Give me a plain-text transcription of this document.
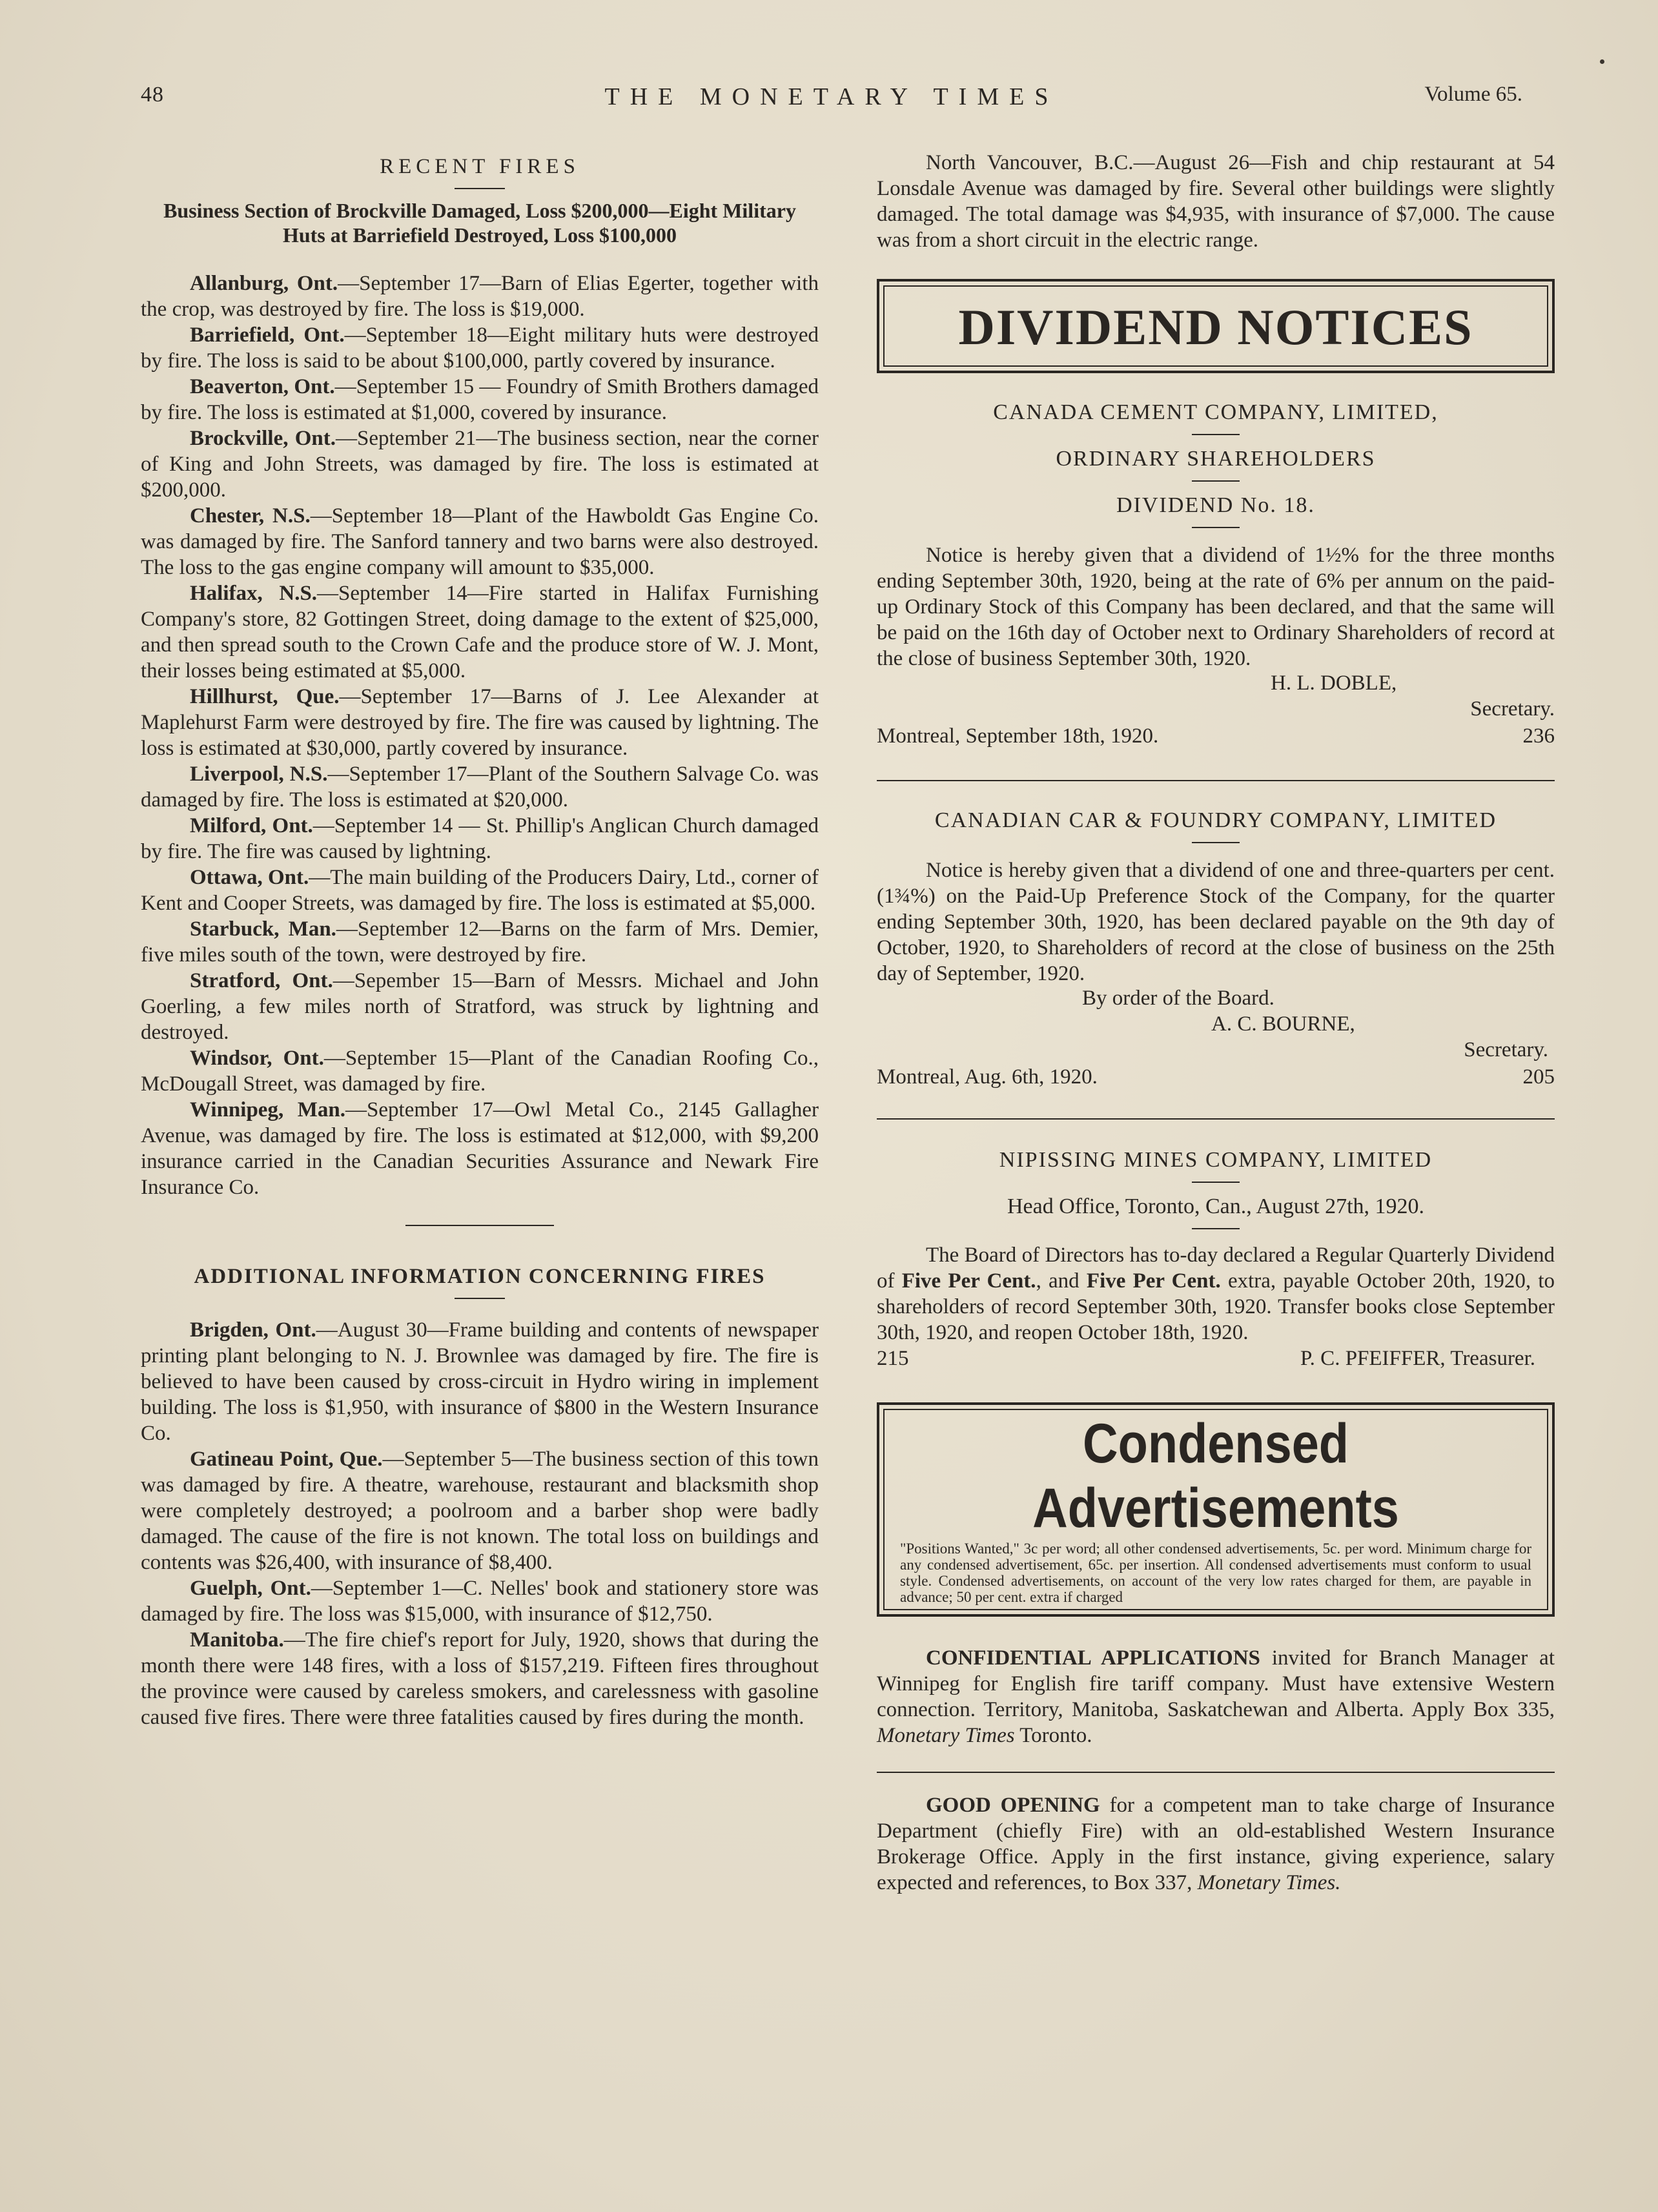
48	THE MONETARY TIMES	Volume 65.
RECENT FIRES
Business Section of Brockville Damaged, Loss $200,000—Eight Military Huts at Barriefield Destroyed, Loss $100,000

Allanburg, Ont.—September 17—Barn of Elias Egerter, together with the crop, was destroyed by fire. The loss is $19,000.

Barriefield, Ont.—September 18—Eight military huts were destroyed by fire. The loss is said to be about $100,000, partly covered by insurance.

Beaverton, Ont.—September 15 — Foundry of Smith Brothers damaged by fire. The loss is estimated at $1,000, covered by insurance.

Brockville, Ont.—September 21—The business section, near the corner of King and John Streets, was damaged by fire. The loss is estimated at $200,000.

Chester, N.S.—September 18—Plant of the Hawboldt Gas Engine Co. was damaged by fire. The Sanford tannery and two barns were also destroyed. The loss to the gas engine company will amount to $35,000.

Halifax, N.S.—September 14—Fire started in Halifax Furnishing Company's store, 82 Gottingen Street, doing damage to the extent of $25,000, and then spread south to the Crown Cafe and the produce store of W. J. Mont, their losses being estimated at $5,000.

Hillhurst, Que.—September 17—Barns of J. Lee Alexander at Maplehurst Farm were destroyed by fire. The fire was caused by lightning. The loss is estimated at $30,000, partly covered by insurance.

Liverpool, N.S.—September 17—Plant of the Southern Salvage Co. was damaged by fire. The loss is estimated at $20,000.

Milford, Ont.—September 14 — St. Phillip's Anglican Church damaged by fire. The fire was caused by lightning.

Ottawa, Ont.—The main building of the Producers Dairy, Ltd., corner of Kent and Cooper Streets, was damaged by fire. The loss is estimated at $5,000.

Starbuck, Man.—September 12—Barns on the farm of Mrs. Demier, five miles south of the town, were destroyed by fire.

Stratford, Ont.—Sepember 15—Barn of Messrs. Michael and John Goerling, a few miles north of Stratford, was struck by lightning and destroyed.

Windsor, Ont.—September 15—Plant of the Canadian Roofing Co., McDougall Street, was damaged by fire.

Winnipeg, Man.—September 17—Owl Metal Co., 2145 Gallagher Avenue, was damaged by fire. The loss is estimated at $12,000, with $9,200 insurance carried in the Canadian Securities Assurance and Newark Fire Insurance Co.

ADDITIONAL INFORMATION CONCERNING FIRES

Brigden, Ont.—August 30—Frame building and contents of newspaper printing plant belonging to N. J. Brownlee was damaged by fire. The fire is believed to have been caused by cross-circuit in Hydro wiring in implement building. The loss is $1,950, with insurance of $800 in the Western Insurance Co.

Gatineau Point, Que.—September 5—The business section of this town was damaged by fire. A theatre, warehouse, restaurant and blacksmith shop were completely destroyed; a poolroom and a barber shop were badly damaged. The cause of the fire is not known. The total loss on buildings and contents was $26,400, with insurance of $8,400.

Guelph, Ont.—September 1—C. Nelles' book and stationery store was damaged by fire. The loss was $15,000, with insurance of $12,750.

Manitoba.—The fire chief's report for July, 1920, shows that during the month there were 148 fires, with a loss of $157,219. Fifteen fires throughout the province were caused by careless smokers, and carelessness with gasoline caused five fires. There were three fatalities caused by fires during the month.

North Vancouver, B.C.—August 26—Fish and chip restaurant at 54 Lonsdale Avenue was damaged by fire. Several other buildings were slightly damaged. The total damage was $4,935, with insurance of $7,000. The cause was from a short circuit in the electric range.

DIVIDEND NOTICES
CANADA CEMENT COMPANY, LIMITED,
ORDINARY SHAREHOLDERS
DIVIDEND No. 18.

Notice is hereby given that a dividend of 1½% for the three months ending September 30th, 1920, being at the rate of 6% per annum on the paid-up Ordinary Stock of this Company has been declared, and that the same will be paid on the 16th day of October next to Ordinary Shareholders of record at the close of business September 30th, 1920.

H. L. DOBLE,
Secretary.
Montreal, September 18th, 1920.	236
CANADIAN CAR & FOUNDRY COMPANY, LIMITED

Notice is hereby given that a dividend of one and three-quarters per cent. (1¾%) on the Paid-Up Preference Stock of the Company, for the quarter ending September 30th, 1920, has been declared payable on the 9th day of October, 1920, to Shareholders of record at the close of business on the 25th day of September, 1920.

By order of the Board.
A. C. BOURNE,
Secretary.
Montreal, Aug. 6th, 1920.	205
NIPISSING MINES COMPANY, LIMITED
Head Office, Toronto, Can., August 27th, 1920.

The Board of Directors has to-day declared a Regular Quarterly Dividend of Five Per Cent., and Five Per Cent. extra, payable October 20th, 1920, to shareholders of record September 30th, 1920. Transfer books close September 30th, 1920, and reopen October 18th, 1920.

215	P. C. PFEIFFER, Treasurer.
Condensed Advertisements

"Positions Wanted," 3c per word; all other condensed advertisements, 5c. per word. Minimum charge for any condensed advertisement, 65c. per insertion. All condensed advertisements must conform to usual style. Condensed advertisements, on account of the very low rates charged for them, are payable in advance; 50 per cent. extra if charged

CONFIDENTIAL APPLICATIONS invited for Branch Manager at Winnipeg for English fire tariff company. Must have extensive Western connection. Territory, Manitoba, Saskatchewan and Alberta. Apply Box 335, Monetary Times Toronto.

GOOD OPENING for a competent man to take charge of Insurance Department (chiefly Fire) with an old-established Western Insurance Brokerage Office. Apply in the first instance, giving experience, salary expected and references, to Box 337, Monetary Times.
